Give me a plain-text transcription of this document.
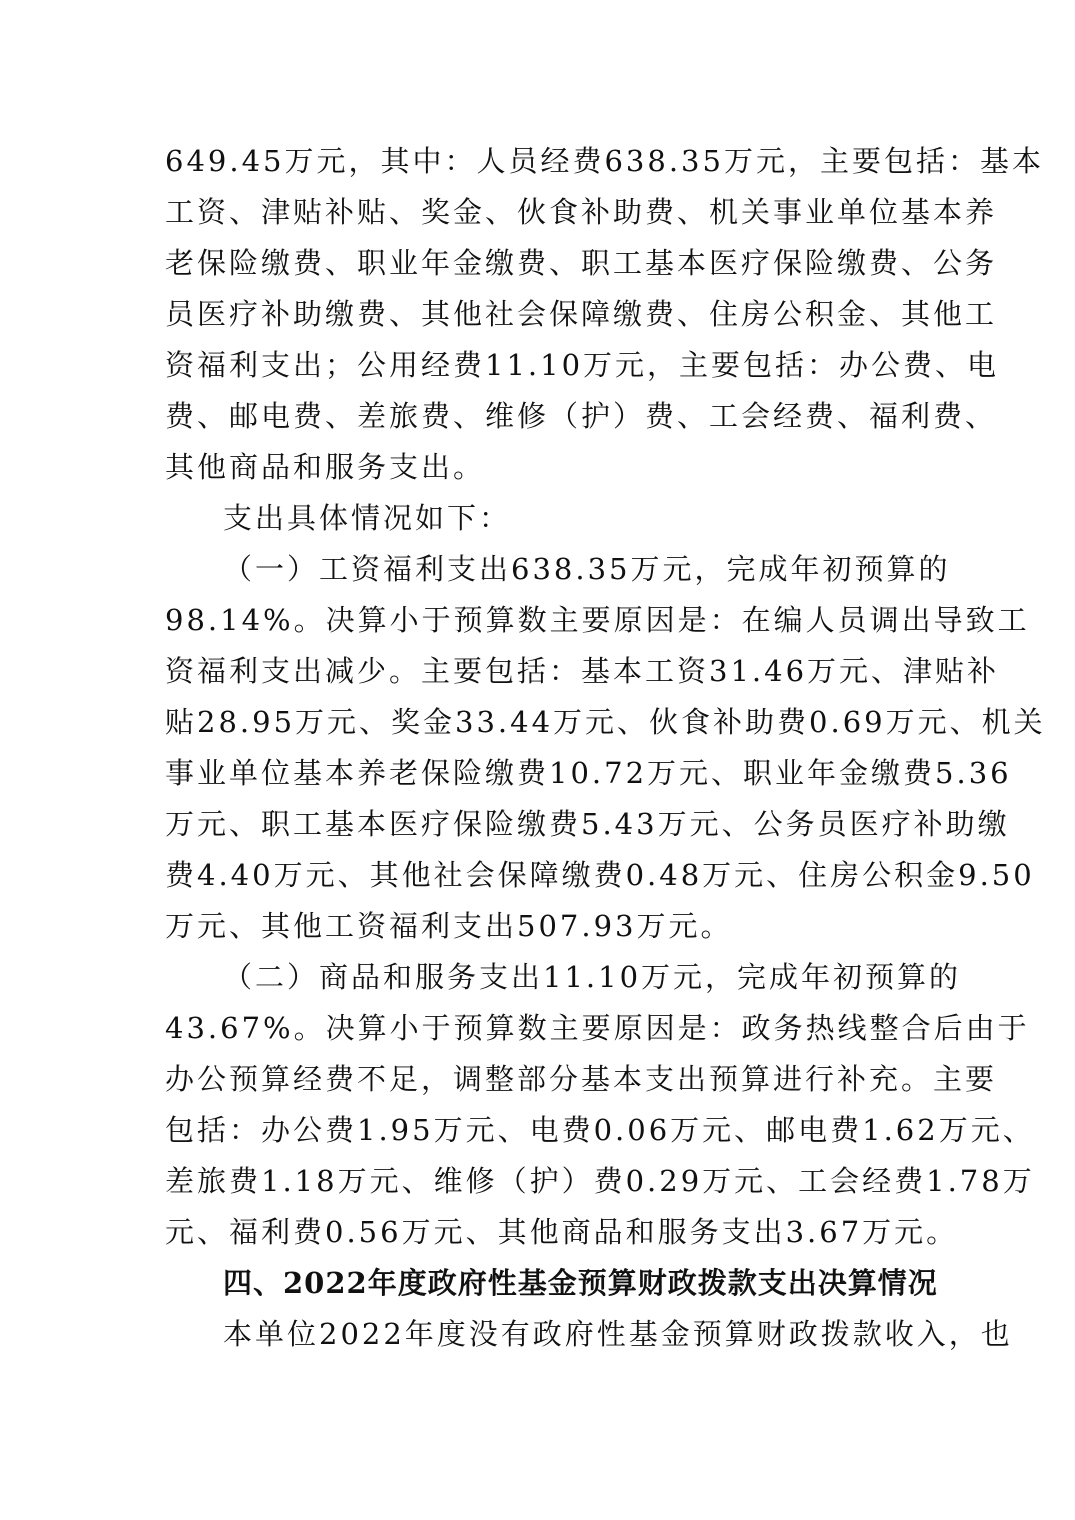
649.45万元，其中：人员经费638.35万元，主要包括：基本
工资、津贴补贴、奖金、伙食补助费、机关事业单位基本养
老保险缴费、职业年金缴费、职工基本医疗保险缴费、公务
员医疗补助缴费、其他社会保障缴费、住房公积金、其他工
资福利支出；公用经费11.10万元，主要包括：办公费、电
费、邮电费、差旅费、维修（护）费、工会经费、福利费、
其他商品和服务支出。
支出具体情况如下：
（一）工资福利支出638.35万元，完成年初预算的
98.14%。决算小于预算数主要原因是：在编人员调出导致工
资福利支出减少。主要包括：基本工资31.46万元、津贴补
贴28.95万元、奖金33.44万元、伙食补助费0.69万元、机关
事业单位基本养老保险缴费10.72万元、职业年金缴费5.36
万元、职工基本医疗保险缴费5.43万元、公务员医疗补助缴
费4.40万元、其他社会保障缴费0.48万元、住房公积金9.50
万元、其他工资福利支出507.93万元。
（二）商品和服务支出11.10万元，完成年初预算的
43.67%。决算小于预算数主要原因是：政务热线整合后由于
办公预算经费不足，调整部分基本支出预算进行补充。主要
包括：办公费1.95万元、电费0.06万元、邮电费1.62万元、
差旅费1.18万元、维修（护）费0.29万元、工会经费1.78万
元、福利费0.56万元、其他商品和服务支出3.67万元。
四、2022年度政府性基金预算财政拨款支出决算情况
本单位2022年度没有政府性基金预算财政拨款收入，也
